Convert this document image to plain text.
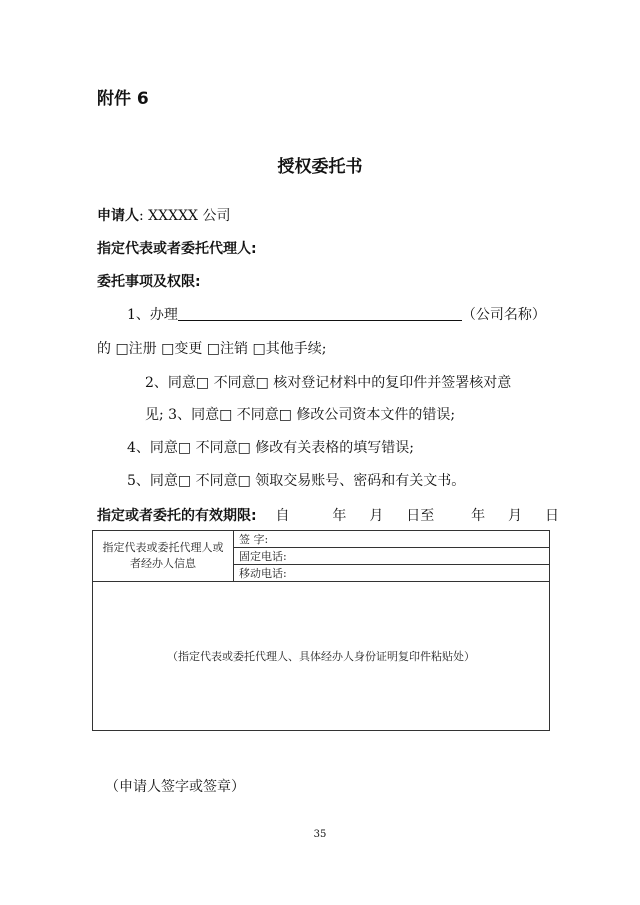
附件 6
授权委托书
申请人: XXXXX 公司
指定代表或者委托代理人:
委托事项及权限:
1、办理	（公司名称）
的 □注册 □变更 □注销 □其他手续;
2、同意□ 不同意□ 核对登记材料中的复印件并签署核对意
见; 3、同意□ 不同意□ 修改公司资本文件的错误;
4、同意□ 不同意□ 修改有关表格的填写错误;
5、同意□ 不同意□ 领取交易账号、密码和有关文书。
指定或者委托的有效期限: 自	年 月 日至	年 月 日
指定代表或委托代理人或者经办人信息	签 字:
固定电话:
移动电话:
（指定代表或委托代理人、具体经办人身份证明复印件粘贴处）
（申请人签字或签章）
35
